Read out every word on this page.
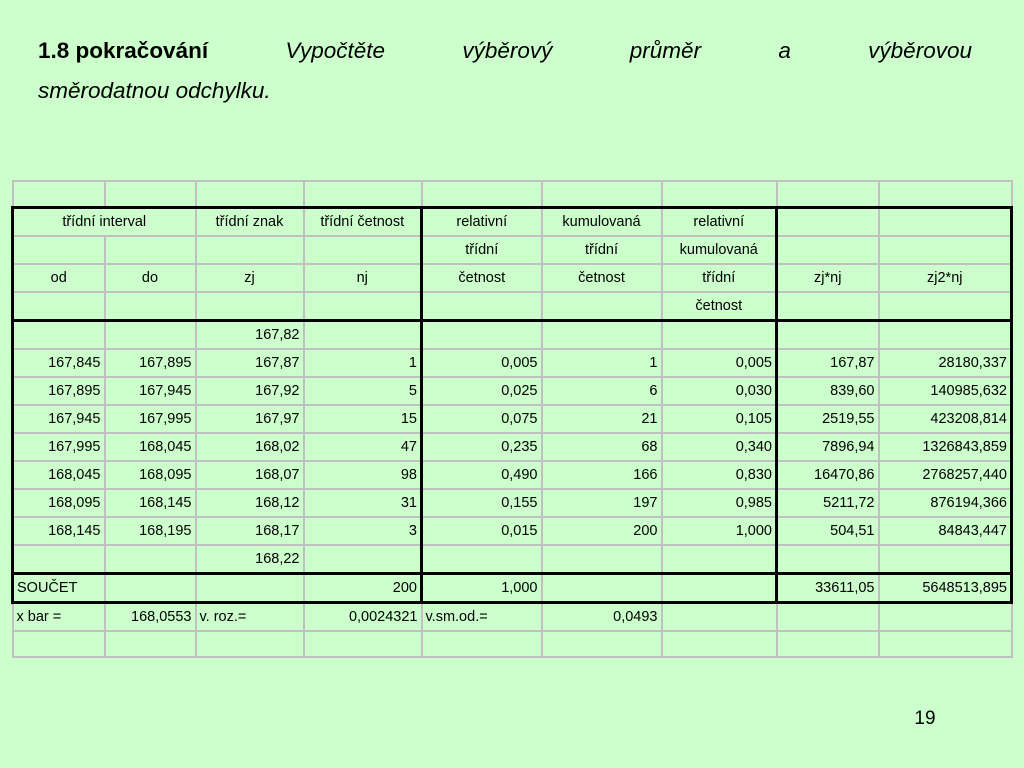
1.8 pokračování	Vypočtěte	výběrový	průměr	a	výběrovou
směrodatnou odchylku.

třídní interval		třídní znak	třídní četnost	relativní	kumulovaná	relativní		
				třídní	třídní	kumulovaná		
od	do	zj	nj	četnost	četnost	třídní	zj*nj	zj2*nj
						četnost		
		167,82						
167,845	167,895	167,87	1	0,005	1	0,005	167,87	28180,337
167,895	167,945	167,92	5	0,025	6	0,030	839,60	140985,632
167,945	167,995	167,97	15	0,075	21	0,105	2519,55	423208,814
167,995	168,045	168,02	47	0,235	68	0,340	7896,94	1326843,859
168,045	168,095	168,07	98	0,490	166	0,830	16470,86	2768257,440
168,095	168,145	168,12	31	0,155	197	0,985	5211,72	876194,366
168,145	168,195	168,17	3	0,015	200	1,000	504,51	84843,447
		168,22						
SOUČET			200	1,000			33611,05	5648513,895
x bar =	168,0553	v. roz.=	0,0024321	v.sm.od.=	0,0493			

19
